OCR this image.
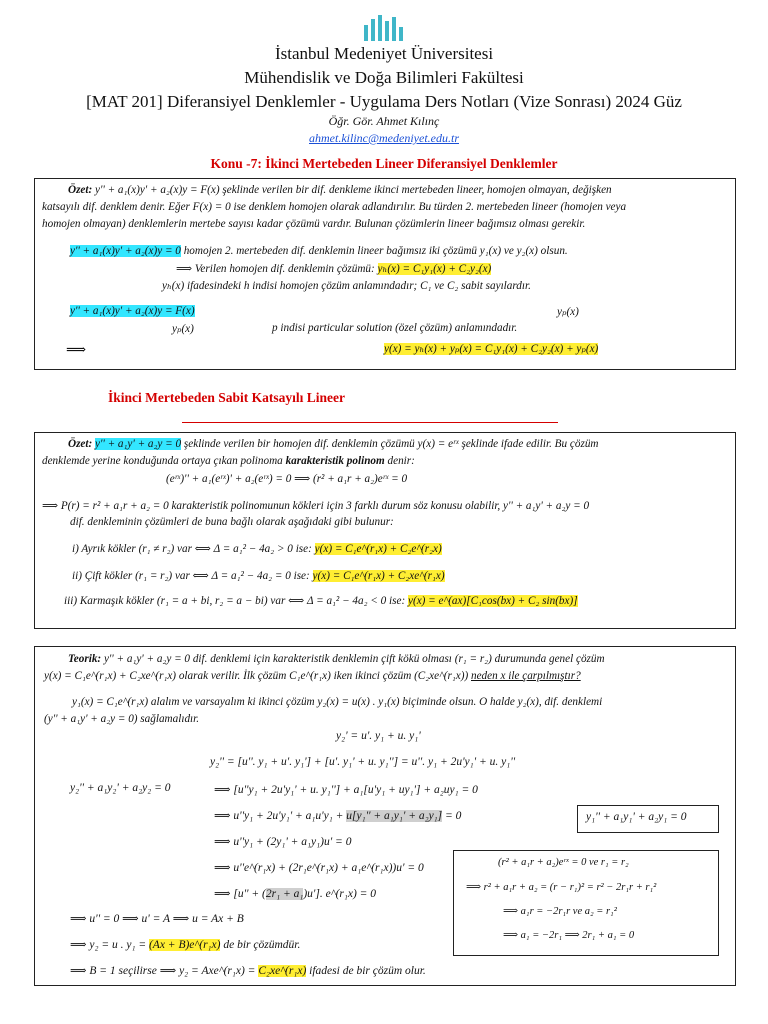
İstanbul Medeniyet Üniversitesi
Mühendislik ve Doğa Bilimleri Fakültesi
[MAT 201] Diferansiyel Denklemler - Uygulama Ders Notları (Vize Sonrası) 2024 Güz
Öğr. Gör. Ahmet Kılınç
ahmet.kilinc@medeniyet.edu.tr
Konu -7: İkinci Mertebeden Lineer Diferansiyel Denklemler
Özet: y'' + a₁(x)y' + a₂(x)y = F(x) şeklinde verilen bir dif. denkleme ikinci mertebeden lineer, homojen olmayan, değişken
katsayılı dif. denklem denir. Eğer F(x) = 0 ise denklem homojen olarak adlandırılır. Bu türden 2. mertebeden lineer (homojen veya
homojen olmayan) denklemlerin mertebe sayısı kadar çözümü vardır. Bulunan çözümlerin lineer bağımsız olması gerekir.
y'' + a₁(x)y' + a₂(x)y = 0 homojen 2. mertebeden dif. denklemin lineer bağımsız iki çözümü y₁(x) ve y₂(x) olsun.
⟹ Verilen homojen dif. denklemin çözümü: yₕ(x) = C₁y₁(x) + C₂y₂(x)
yₕ(x) ifadesindeki h indisi homojen çözüm anlamındadır; C₁ ve C₂ sabit sayılardır.
y'' + a₁(x)y' + a₂(x)y = F(x)	yₚ(x)
yₚ(x)	p indisi particular solution (özel çözüm) anlamındadır.
⟹	y(x) = yₕ(x) + yₚ(x) = C₁y₁(x) + C₂y₂(x) + yₚ(x)
İkinci Mertebeden Sabit Katsayılı Lineer
Özet: y'' + a₁y' + a₂y = 0 şeklinde verilen bir homojen dif. denklemin çözümü y(x) = eʳˣ şeklinde ifade edilir. Bu çözüm
denklemde yerine konduğunda ortaya çıkan polinoma karakteristik polinom denir:
(eʳˣ)'' + a₁(eʳˣ)' + a₂(eʳˣ) = 0 ⟹ (r² + a₁r + a₂)eʳˣ = 0
⟹ P(r) = r² + a₁r + a₂ = 0 karakteristik polinomunun kökleri için 3 farklı durum söz konusu olabilir, y'' + a₁y' + a₂y = 0
dif. denkleminin çözümleri de buna bağlı olarak aşağıdaki gibi bulunur:
i) Ayrık kökler (r₁ ≠ r₂) var ⟺ Δ = a₁² − 4a₂ > 0 ise: y(x) = C₁e^(r₁x) + C₂e^(r₂x)
ii) Çift kökler (r₁ = r₂) var ⟺ Δ = a₁² − 4a₂ = 0 ise: y(x) = C₁e^(r₁x) + C₂xe^(r₁x)
iii) Karmaşık kökler (r₁ = a + bi, r₂ = a − bi) var ⟺ Δ = a₁² − 4a₂ < 0 ise: y(x) = e^(ax)[C₁cos(bx) + C₂ sin(bx)]
Teorik: y'' + a₁y' + a₂y = 0 dif. denklemi için karakteristik denklemin çift kökü olması (r₁ = r₂) durumunda genel çözüm
y(x) = C₁e^(r₁x) + C₂xe^(r₁x) olarak verilir. İlk çözüm C₁e^(r₁x) iken ikinci çözüm (C₂xe^(r₁x)) neden x ile çarpılmıştır?
y₁(x) = C₁e^(r₁x) alalım ve varsayalım ki ikinci çözüm y₂(x) = u(x) . y₁(x) biçiminde olsun. O halde y₂(x), dif. denklemi
(y'' + a₁y' + a₂y = 0) sağlamalıdır.
y₂' = u'. y₁ + u. y₁'
y₂'' = [u''. y₁ + u'. y₁'] + [u'. y₁' + u. y₁''] = u''. y₁ + 2u'y₁' + u. y₁''
y₂'' + a₁y₂' + a₂y₂ = 0	⟹ [u''y₁ + 2u'y₁' + u. y₁''] + a₁[u'y₁ + uy₁'] + a₂uy₁ = 0
⟹ u''y₁ + 2u'y₁' + a₁u'y₁ + u[y₁'' + a₁y₁' + a₂y₁] = 0
⟹ u''y₁ + (2y₁' + a₁y₁)u' = 0
⟹ u''e^(r₁x) + (2r₁e^(r₁x) + a₁e^(r₁x))u' = 0
⟹ [u'' + (2r₁ + a₁)u']. e^(r₁x) = 0
⟹ u'' = 0 ⟹ u' = A ⟹ u = Ax + B
⟹ y₂ = u . y₁ = (Ax + B)e^(r₁x) de bir çözümdür.
⟹ B = 1 seçilirse ⟹ y₂ = Axe^(r₁x) = C₂xe^(r₁x) ifadesi de bir çözüm olur.
y₁'' + a₁y₁' + a₂y₁ = 0
(r² + a₁r + a₂)eʳˣ = 0 ve r₁ = r₂
⟹ r² + a₁r + a₂ = (r − r₁)² = r² − 2r₁r + r₁²
⟹ a₁r = −2r₁r ve a₂ = r₁²
⟹ a₁ = −2r₁ ⟹ 2r₁ + a₁ = 0
